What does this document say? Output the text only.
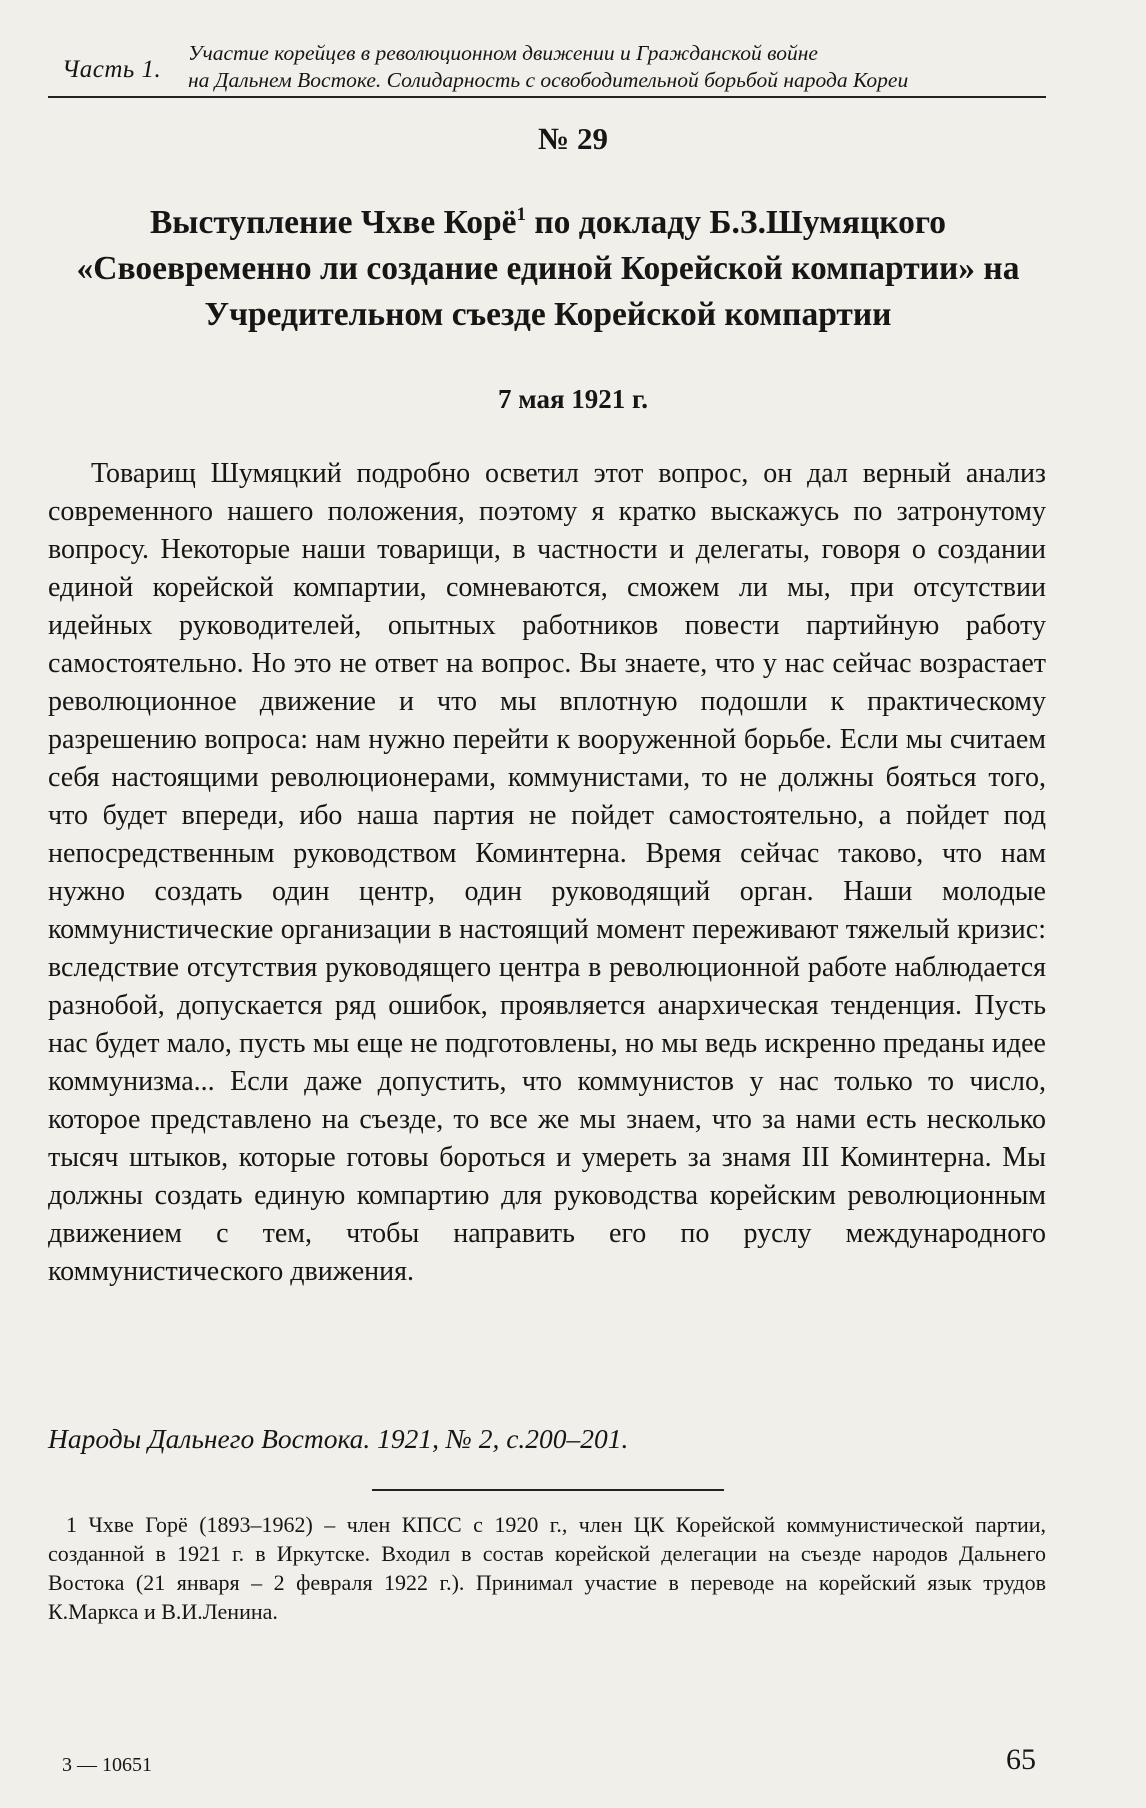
Часть 1.
Участие корейцев в революционном движении и Гражданской войне
на Дальнем Востоке. Солидарность с освободительной борьбой народа Кореи
№ 29
Выступление Чхве Корё$^1$ по докладу Б.З.Шумяцкого «Своевременно ли создание единой Корейской компартии» на Учредительном съезде Корейской компартии
7 мая 1921 г.

Товарищ Шумяцкий подробно осветил этот вопрос, он дал верный анализ современного нашего положения, поэтому я кратко выскажусь по затронутому вопросу. Некоторые наши товарищи, в частности и делегаты, говоря о создании единой корейской компартии, сомневаются, сможем ли мы, при отсутствии идейных руководителей, опытных работников повести партийную работу самостоятельно. Но это не ответ на вопрос. Вы знаете, что у нас сейчас возрастает революционное движение и что мы вплотную подошли к практическому разрешению вопроса: нам нужно перейти к вооруженной борьбе. Если мы считаем себя настоящими революционерами, коммунистами, то не должны бояться того, что будет впереди, ибо наша партия не пойдет самостоятельно, а пойдет под непосредственным руководством Коминтерна. Время сейчас таково, что нам нужно создать один центр, один руководящий орган. Наши молодые коммунистические организации в настоящий момент переживают тяжелый кризис: вследствие отсутствия руководящего центра в революционной работе наблюдается разнобой, допускается ряд ошибок, проявляется анархическая тенденция. Пусть нас будет мало, пусть мы еще не подготовлены, но мы ведь искренно преданы идее коммунизма... Если даже допустить, что коммунистов у нас только то число, которое представлено на съезде, то все же мы знаем, что за нами есть несколько тысяч штыков, которые готовы бороться и умереть за знамя III Коминтерна. Мы должны создать единую компартию для руководства корейским революционным движением с тем, чтобы направить его по руслу международного коммунистического движения.

Народы Дальнего Востока. 1921, № 2, с.200–201.

1 Чхве Горё (1893–1962) – член КПСС с 1920 г., член ЦК Корейской коммунистической партии, созданной в 1921 г. в Иркутске. Входил в состав корейской делегации на съезде народов Дальнего Востока (21 января – 2 февраля 1922 г.). Принимал участие в переводе на корейский язык трудов К.Маркса и В.И.Ленина.

3 — 10651	65
